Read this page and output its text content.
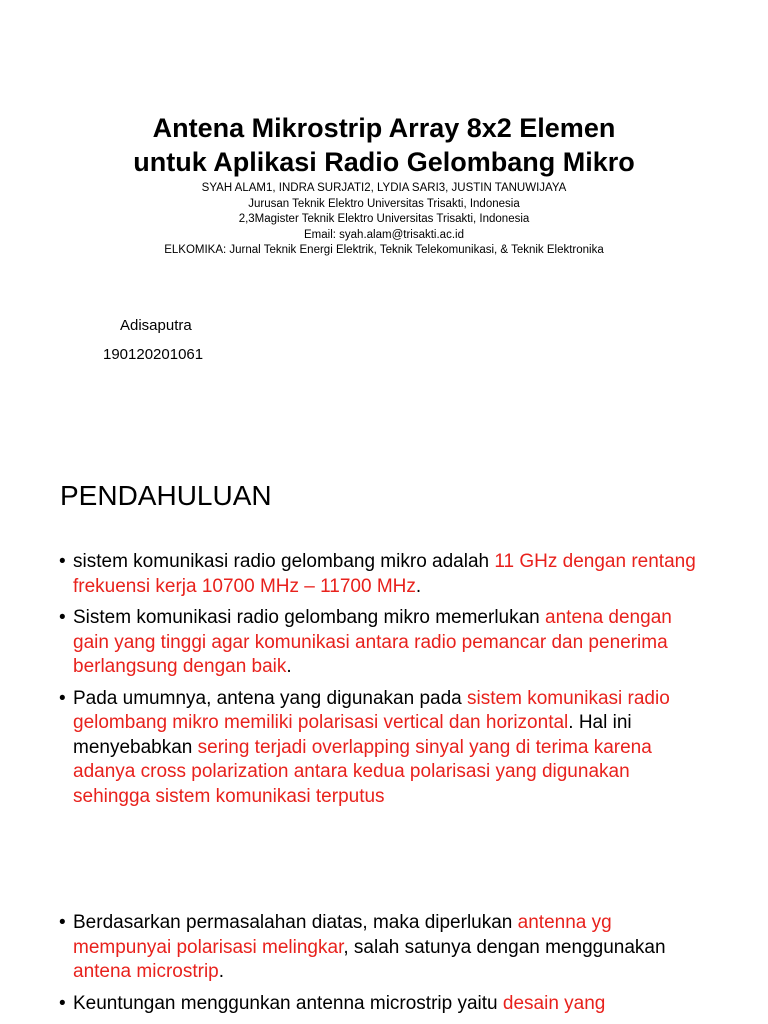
Antena Mikrostrip Array 8x2 Elemen
untuk Aplikasi Radio Gelombang Mikro
SYAH ALAM1, INDRA SURJATI2, LYDIA SARI3, JUSTIN TANUWIJAYA
Jurusan Teknik Elektro Universitas Trisakti, Indonesia
2,3Magister Teknik Elektro Universitas Trisakti, Indonesia
Email: syah.alam@trisakti.ac.id
ELKOMIKA: Jurnal Teknik Energi Elektrik, Teknik Telekomunikasi, & Teknik Elektronika
Adisaputra
190120201061
PENDAHULUAN
• sistem komunikasi radio gelombang mikro adalah 11 GHz dengan rentang frekuensi kerja 10700 MHz – 11700 MHz.
• Sistem komunikasi radio gelombang mikro memerlukan antena dengan gain yang tinggi agar komunikasi antara radio pemancar dan penerima berlangsung dengan baik.
• Pada umumnya, antena yang digunakan pada sistem komunikasi radio gelombang mikro memiliki polarisasi vertical dan horizontal. Hal ini menyebabkan sering terjadi overlapping sinyal yang di terima karena adanya cross polarization antara kedua polarisasi yang digunakan sehingga sistem komunikasi terputus
• Berdasarkan permasalahan diatas, maka diperlukan antenna yg mempunyai polarisasi melingkar, salah satunya dengan menggunakan antena microstrip.
• Keuntungan menggunkan antenna microstrip yaitu desain yang
